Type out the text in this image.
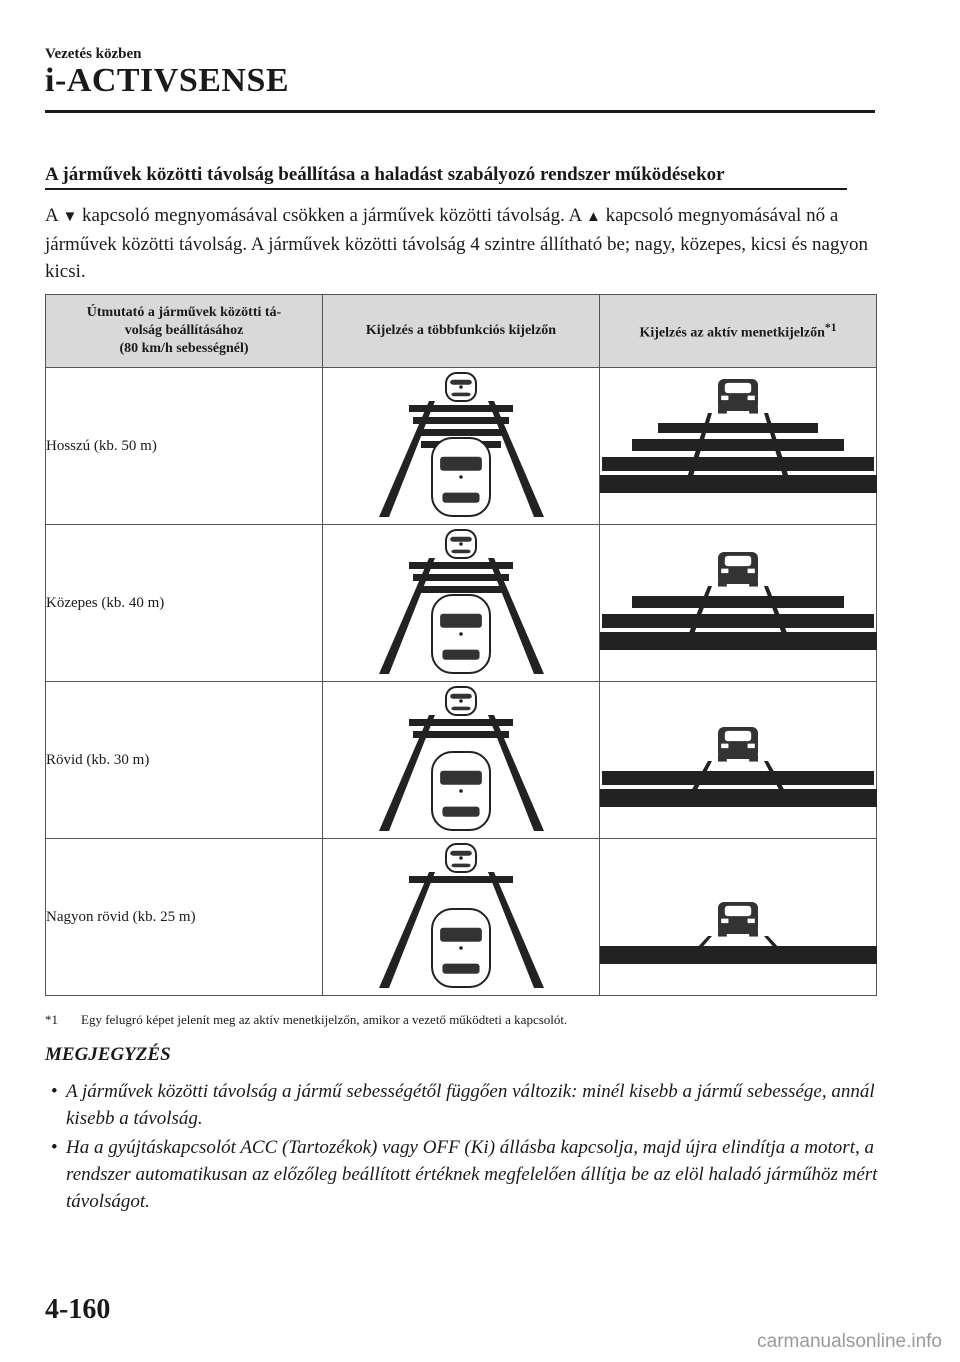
Vezetés közben
i-ACTIVSENSE
A járművek közötti távolság beállítása a haladást szabályozó rendszer működésekor
A ▼ kapcsoló megnyomásával csökken a járművek közötti távolság. A ▲ kapcsoló megnyomásával nő a járművek közötti távolság. A járművek közötti távolság 4 szintre állítható be; nagy, közepes, kicsi és nagyon kicsi.
Útmutató a járművek közötti tá-
volság beállításához
(80 km/h sebességnél)	Kijelzés a többfunkciós kijelzőn	Kijelzés az aktív menetkijelzőn$^{*1}$
Hosszú (kb. 50 m)	

Közepes (kb. 40 m)	

Rövid (kb. 30 m)	

Nagyon rövid (kb. 25 m)	

*1 Egy felugró képet jelenít meg az aktív menetkijelzőn, amikor a vezető működteti a kapcsolót.
MEGJEGYZÉS
• A járművek közötti távolság a jármű sebességétől függően változik: minél kisebb a jármű sebessége, annál kisebb a távolság.
• Ha a gyújtáskapcsolót ACC (Tartozékok) vagy OFF (Ki) állásba kapcsolja, majd újra elindítja a motort, a rendszer automatikusan az előzőleg beállított értéknek megfelelően állítja be az elöl haladó járműhöz mért távolságot.
4-160
carmanualsonline.info
